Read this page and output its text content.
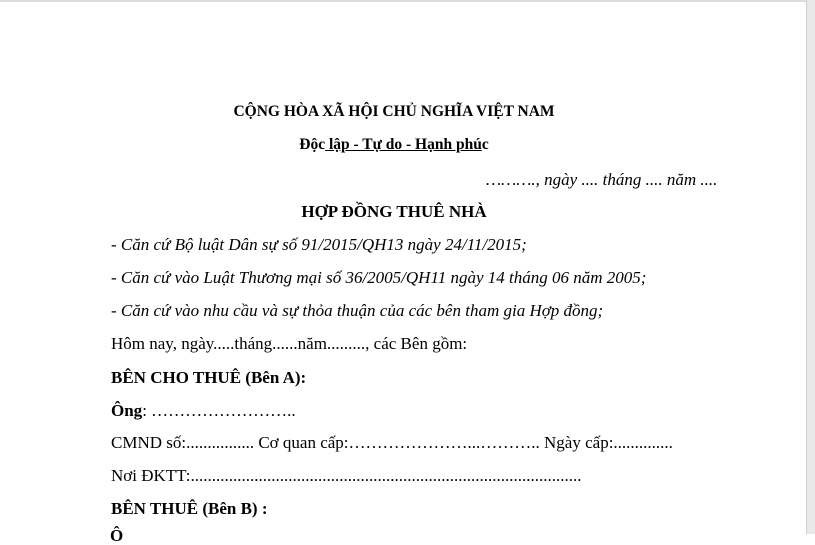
CỘNG HÒA XÃ HỘI CHỦ NGHĨA VIỆT NAM
Độc lập - Tự do - Hạnh phúc
………., ngày .... tháng .... năm ....
HỢP ĐỒNG THUÊ NHÀ
- Căn cứ Bộ luật Dân sự số 91/2015/QH13 ngày 24/11/2015;
- Căn cứ vào Luật Thương mại số 36/2005/QH11 ngày 14 tháng 06 năm 2005;
- Căn cứ vào nhu cầu và sự thỏa thuận của các bên tham gia Hợp đồng;
Hôm nay, ngày.....tháng......năm........., các Bên gồm:
BÊN CHO THUÊ (Bên A):
Ông: ……………………..
CMND số:................ Cơ quan cấp:…………………...……….. Ngày cấp:..............
Nơi ĐKTT:............................................................................................
BÊN THUÊ (Bên B) :
Ô
